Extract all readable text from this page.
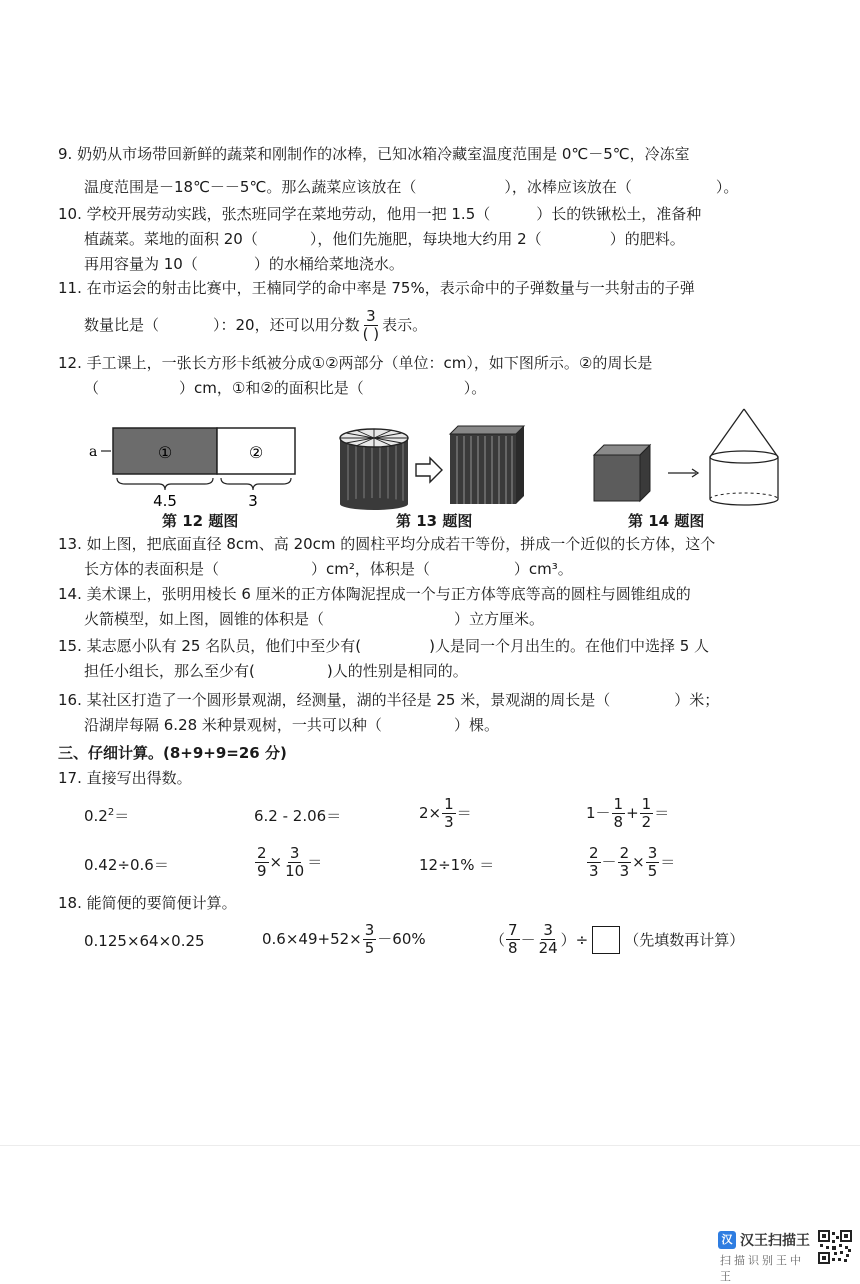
9. 奶奶从市场带回新鲜的蔬菜和刚制作的冰棒，已知冰箱冷藏室温度范围是 0℃－5℃，冷冻室
温度范围是－18℃－－5℃。那么蔬菜应该放在（	），冰棒应该放在（	）。
10. 学校开展劳动实践，张杰班同学在菜地劳动，他用一把 1.5（	）长的铁锹松土，准备种
植蔬菜。菜地的面积 20（	），他们先施肥，每块地大约用 2（	）的肥料。
再用容量为 10（	）的水桶给菜地浇水。
11. 在市运会的射击比赛中，王楠同学的命中率是 75%，表示命中的子弹数量与一共射击的子弹
数量比是（	）：20，还可以用分数 $\frac{3}{( )}$ 表示。
12. 手工课上，一张长方形卡纸被分成①②两部分（单位：cm），如下图所示。②的周长是
（	）cm，①和②的面积比是（	）。
a	①	②
4.5	3
第 12 题图	第 13 题图	第 14 题图
13. 如上图，把底面直径 8cm、高 20cm 的圆柱平均分成若干等份，拼成一个近似的长方体，这个
长方体的表面积是（	）cm²，体积是（	）cm³。
14. 美术课上，张明用棱长 6 厘米的正方体陶泥捏成一个与正方体等底等高的圆柱与圆锥组成的
火箭模型，如上图，圆锥的体积是（	）立方厘米。
15. 某志愿小队有 25 名队员，他们中至少有(	)人是同一个月出生的。在他们中选择 5 人
担任小组长，那么至少有(	)人的性别是相同的。
16. 某社区打造了一个圆形景观湖，经测量，湖的半径是 25 米，景观湖的周长是（	）米；
沿湖岸每隔 6.28 米种景观树，一共可以种（	）棵。
三、仔细计算。(8+9+9=26 分)
17. 直接写出得数。
$0.2^2=$	6.2 - 2.06＝	$2\times \frac{1}{3}$ ＝	$1- \frac{1}{8} + \frac{1}{2}$ ＝
0.42÷0.6＝	$\frac{2}{9} \times \frac{3}{10}$ ＝	12÷1% ＝	$\frac{2}{3} - \frac{2}{3} \times \frac{3}{5}$ ＝
18. 能简便的要简便计算。
0.125×64×0.25	$0.6\times 49+52\times \frac{3}{5} -60\%$	（ $\frac{7}{8} - \frac{3}{24}$ ）÷ （先填数再计算）
汉 汉王扫描王
扫描识别王中王
